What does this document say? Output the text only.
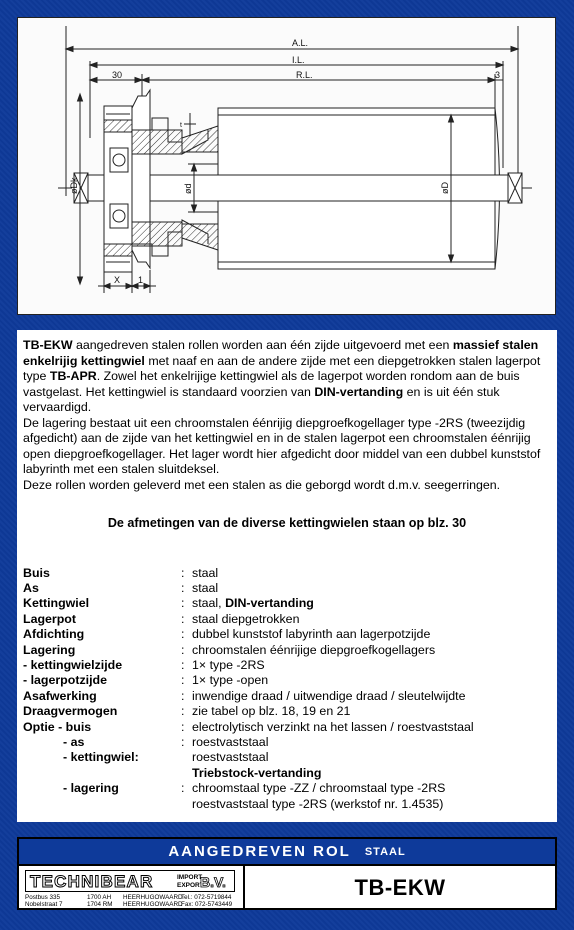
A.L.
I.L.
R.L.
30	3
øDk	ød	øD
X 1
t

TB-EKW aangedreven stalen rollen worden aan één zijde uitgevoerd met een massief stalen enkelrijig kettingwiel met naaf en aan de andere zijde met een diepgetrokken stalen lagerpot type TB-APR. Zowel het enkelrijige kettingwiel als de lagerpot worden rondom aan de buis vastgelast. Het kettingwiel is standaard voorzien van DIN-vertanding en is uit één stuk vervaardigd.

De lagering bestaat uit een chroomstalen éénrijig diepgroefkogellager type -2RS (tweezijdig afgedicht) aan de zijde van het kettingwiel en in de stalen lagerpot een chroomstalen éénrijig open diepgroefkogellager. Het lager wordt hier afgedicht door middel van een dubbel kunststof labyrinth met een stalen sluitdeksel.

Deze rollen worden geleverd met een stalen as die geborgd wordt d.m.v. seegerringen.

De afmetingen van de diverse kettingwielen staan op blz. 30

Buis	:	staal
As	:	staal
Kettingwiel	:	staal, DIN-vertanding
Lagerpot	:	staal diepgetrokken
Afdichting	:	dubbel kunststof labyrinth aan lagerpotzijde
Lagering	:	chroomstalen éénrijige diepgroefkogellagers
- kettingwielzijde	:	1× type -2RS
- lagerpotzijde	:	1× type -open
Asafwerking	:	inwendige draad / uitwendige draad / sleutelwijdte
Draagvermogen	:	zie tabel op blz. 18, 19 en 21
Optie - buis	:	electrolytisch verzinkt na het lassen / roestvaststaal
- as	:	roestvaststaal
- kettingwiel:		roestvaststaal
		Triebstock-vertanding
- lagering	:	chroomstaal type -ZZ / chroomstaal type -2RS
		roestvaststaal type -2RS (werkstof nr. 1.4535)
AANGEDREVEN ROL STAAL
TECHNIBEAR	IMPORT
EXPORT
B.V.
Postbus 335
Nobelstraat 7
1700 AH
1704 RM
HEERHUGOWAARD
HEERHUGOWAARD
Tel.: 072-5719844
Fax: 072-5743449
TB-EKW
